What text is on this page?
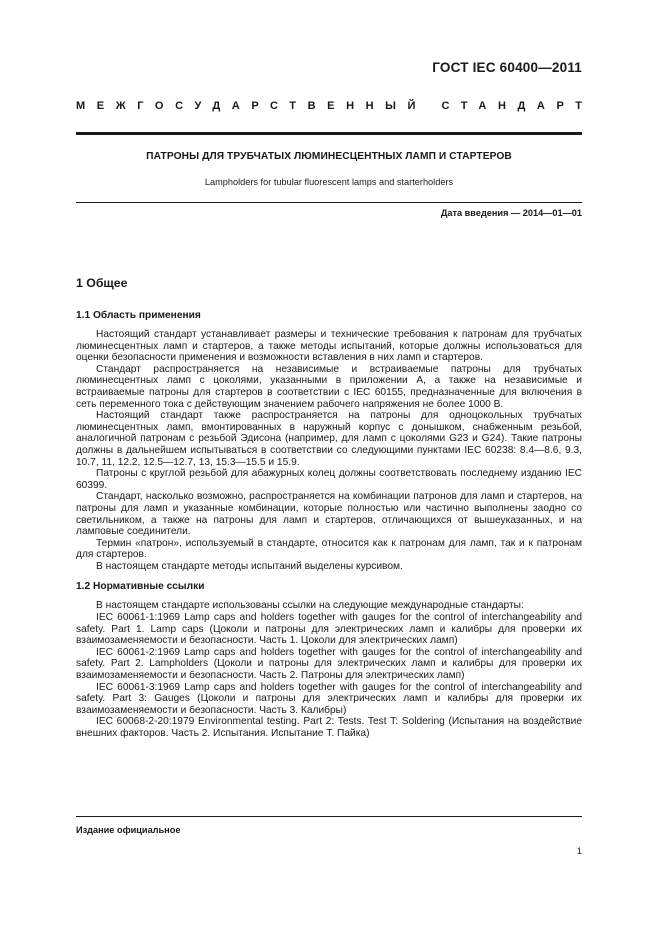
ГОСТ IEC 60400—2011
МЕЖГОСУДАРСТВЕННЫЙ СТАНДАРТ
ПАТРОНЫ ДЛЯ ТРУБЧАТЫХ ЛЮМИНЕСЦЕНТНЫХ ЛАМП И СТАРТЕРОВ
Lampholders for tubular fluorescent lamps and starterholders
Дата введения — 2014—01—01
1 Общее
1.1 Область применения

Настоящий стандарт устанавливает размеры и технические требования к патронам для трубчатых люминесцентных ламп и стартеров, а также методы испытаний, которые должны использоваться для оценки безопасности применения и возможности вставления в них ламп и стартеров.

Стандарт распространяется на независимые и встраиваемые патроны для трубчатых люминесцентных ламп с цоколями, указанными в приложении А, а также на независимые и встраиваемые патроны для стартеров в соответствии с IEC 60155, предназначенные для включения в сеть переменного тока с действующим значением рабочего напряжения не более 1000 В.

Настоящий стандарт также распространяется на патроны для одноцокольных трубчатых люминесцентных ламп, вмонтированных в наружный корпус с донышком, снабженным резьбой, аналогичной патронам с резьбой Эдисона (например, для ламп с цоколями G23 и G24). Такие патроны должны в дальнейшем испытываться в соответствии со следующими пунктами IEC 60238: 8.4—8.6, 9.3, 10.7, 11, 12.2, 12.5—12.7, 13, 15.3—15.5 и 15.9.

Патроны с круглой резьбой для абажурных колец должны соответствовать последнему изданию IEC 60399.

Стандарт, насколько возможно, распространяется на комбинации патронов для ламп и стартеров, на патроны для ламп и указанные комбинации, которые полностью или частично выполнены заодно со светильником, а также на патроны для ламп и стартеров, отличающихся от вышеуказанных, и на ламповые соединители.

Термин «патрон», используемый в стандарте, относится как к патронам для ламп, так и к патронам для стартеров.

В настоящем стандарте методы испытаний выделены курсивом.

1.2 Нормативные ссылки

В настоящем стандарте использованы ссылки на следующие международные стандарты:

IEC 60061-1:1969 Lamp caps and holders together with gauges for the control of interchangeability and safety. Part 1. Lamp caps (Цоколи и патроны для электрических ламп и калибры для проверки их взаимозаменяемости и безопасности. Часть 1. Цоколи для электрических ламп)

IEC 60061-2:1969 Lamp caps and holders together with gauges for the control of interchangeability and safety. Part 2. Lampholders (Цоколи и патроны для электрических ламп и калибры для проверки их взаимозаменяемости и безопасности. Часть 2. Патроны для электрических ламп)

IEC 60061-3:1969 Lamp caps and holders together with gauges for the control of interchangeability and safety. Part 3: Gauges (Цоколи и патроны для электрических ламп и калибры для проверки их взаимозаменяемости и безопасности. Часть 3. Калибры)

IEC 60068-2-20:1979 Environmental testing. Part 2: Tests. Test T: Soldering (Испытания на воздействие внешних факторов. Часть 2. Испытания. Испытание Т. Пайка)

Издание официальное
1
